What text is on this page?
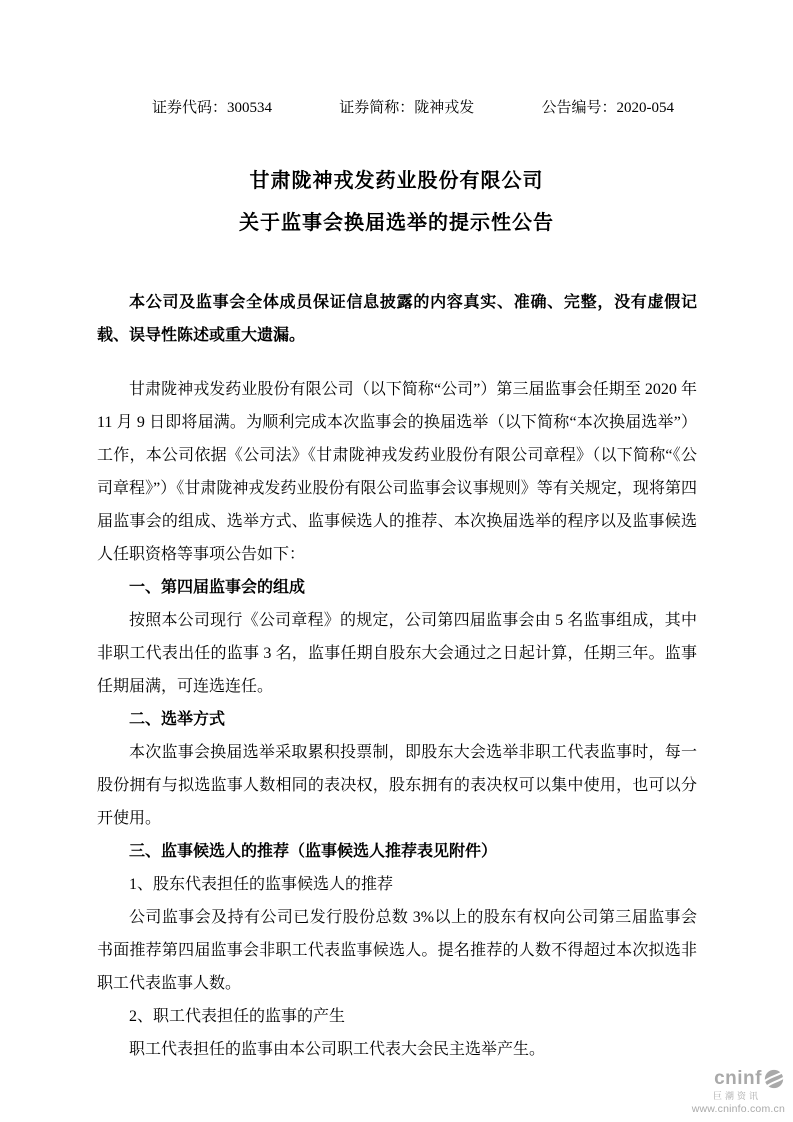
证券代码：300534	证券简称：陇神戎发	公告编号：2020-054
甘肃陇神戎发药业股份有限公司
关于监事会换届选举的提示性公告

本公司及监事会全体成员保证信息披露的内容真实、准确、完整，没有虚假记载、误导性陈述或重大遗漏。

甘肃陇神戎发药业股份有限公司（以下简称“公司”）第三届监事会任期至 2020 年 11 月 9 日即将届满。为顺利完成本次监事会的换届选举（以下简称“本次换届选举”）工作，本公司依据《公司法》《甘肃陇神戎发药业股份有限公司章程》（以下简称“《公司章程》”）《甘肃陇神戎发药业股份有限公司监事会议事规则》等有关规定，现将第四届监事会的组成、选举方式、监事候选人的推荐、本次换届选举的程序以及监事候选人任职资格等事项公告如下：

一、第四届监事会的组成

按照本公司现行《公司章程》的规定，公司第四届监事会由 5 名监事组成，其中非职工代表出任的监事 3 名，监事任期自股东大会通过之日起计算，任期三年。监事任期届满，可连选连任。

二、选举方式

本次监事会换届选举采取累积投票制，即股东大会选举非职工代表监事时，每一股份拥有与拟选监事人数相同的表决权，股东拥有的表决权可以集中使用，也可以分开使用。

三、监事候选人的推荐（监事候选人推荐表见附件）

1、股东代表担任的监事候选人的推荐

公司监事会及持有公司已发行股份总数 3%以上的股东有权向公司第三届监事会书面推荐第四届监事会非职工代表监事候选人。提名推荐的人数不得超过本次拟选非职工代表监事人数。

2、职工代表担任的监事的产生

职工代表担任的监事由本公司职工代表大会民主选举产生。

cninf
巨潮资讯
www.cninfo.com.cn
